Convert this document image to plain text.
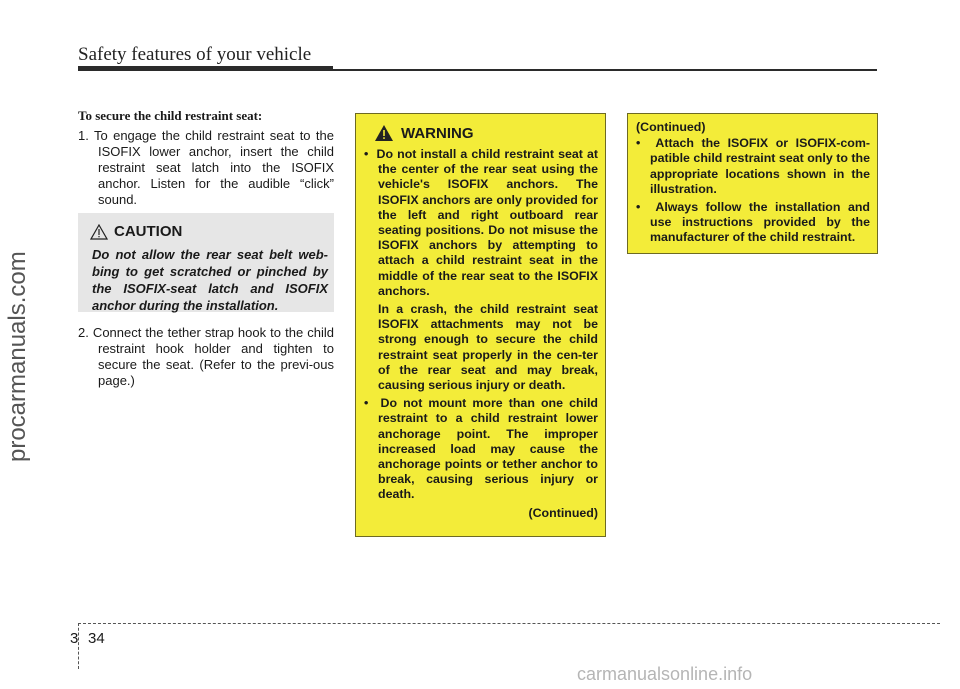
Safety features of your vehicle
procarmanuals.com

To secure the child restraint seat:

1. To engage the child restraint seat to the ISOFIX lower anchor, insert the child restraint seat latch into the ISOFIX anchor. Listen for the audible “click” sound.

CAUTION
Do not allow the rear seat belt web-bing to get scratched or pinched by the ISOFIX-seat latch and ISOFIX anchor during the installation.

2. Connect the tether strap hook to the child restraint hook holder and tighten to secure the seat. (Refer to the previ-ous page.)

WARNING

•  Do not install a child restraint seat at the center of the rear seat using the vehicle's ISOFIX anchors. The ISOFIX anchors are only provided for the left and right outboard rear seating positions. Do not misuse the ISOFIX anchors by attempting to attach a child restraint seat in the middle of the rear seat to the ISOFIX anchors.

In a crash, the child restraint seat ISOFIX attachments may not be strong enough to secure the child restraint seat properly in the cen-ter of the rear seat and may break, causing serious injury or death.

•  Do not mount more than one child restraint to a child restraint lower anchorage point. The improper increased load may cause the anchorage points or tether anchor to break, causing serious injury or death.

(Continued)

(Continued)

•  Attach the ISOFIX or ISOFIX-com-patible child restraint seat only to the appropriate locations shown in the illustration.

•  Always follow the installation and use instructions provided by the manufacturer of the child restraint.

3 34
carmanualsonline.info
